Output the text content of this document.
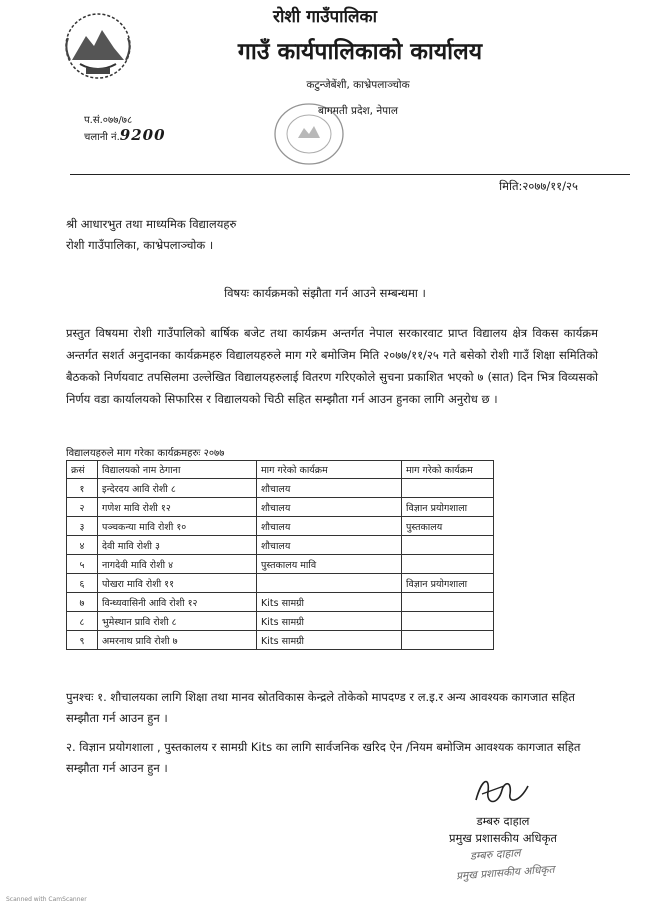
रोशी गाउँपालिका
गाउँ कार्यपालिकाको कार्यालय
कटुन्जेबेंशी, काभ्रेपलाञ्चोक
बागमती प्रदेश, नेपाल
प.सं.०७७/७८
चलानी नं.9200
मिति:२०७७/११/२५
श्री आधारभुत तथा माध्यमिक विद्यालयहरु
रोशी गाउँपालिका, काभ्रेपलाञ्चोक ।
विषयः कार्यक्रमको संझौता गर्न आउने सम्बन्धमा ।
प्रस्तुत विषयमा रोशी गाउँपालिको बार्षिक बजेट तथा कार्यक्रम अन्तर्गत नेपाल सरकारवाट प्राप्त विद्यालय क्षेत्र विकस कार्यक्रम अन्तर्गत सशर्त अनुदानका कार्यक्रमहरु विद्यालयहरुले माग गरे बमोजिम मिति २०७७/११/२५ गते बसेको रोशी गाउँ शिक्षा समितिको बैठकको निर्णयवाट तपसिलमा उल्लेखित विद्यालयहरुलाई वितरण गरिएकोले सुचना प्रकाशित भएको ७ (सात) दिन भित्र विव्यसको निर्णय वडा कार्यालयको सिफारिस र विद्यालयको चिठी सहित सम्झौता गर्न आउन हुनका लागि अनुरोध छ ।
विद्यालयहरुले माग गरेका कार्यक्रमहरुः २०७७
क्रसं	विद्यालयको नाम ठेगाना	माग गरेको कार्यक्रम	माग गरेको कार्यक्रम
१	इन्देरदय आवि रोशी ८	शौचालय	
२	गणेश मावि रोशी १२	शौचालय	विज्ञान प्रयोगशाला
३	पञ्चकन्या मावि रोशी १०	शौचालय	पुस्तकालय
४	देवी मावि रोशी ३	शौचालय	
५	नागदेवी मावि रोशी ४	पुस्तकालय मावि	
६	पोखरा मावि रोशी ११		विज्ञान प्रयोगशाला
७	विन्ध्यवासिनी आवि रोशी १२	Kits सामग्री	
८	भुमेस्थान प्रावि रोशी ८	Kits सामग्री	
९	अमरनाथ प्रावि रोशी ७	Kits सामग्री	
पुनश्चः १. शौचालयका लागि शिक्षा तथा मानव स्रोतविकास केन्द्रले तोकेको मापदण्ड र ल.इ.र अन्य आवश्यक कागजात सहित सम्झौता गर्न आउन हुन ।
२. विज्ञान प्रयोगशाला , पुस्तकालय र सामग्री Kits का लागि सार्वजनिक खरिद ऐन /नियम बमोजिम आवश्यक कागजात सहित सम्झौता गर्न आउन हुन ।
डम्बरु दाहाल
प्रमुख प्रशासकीय अधिकृत
डम्बरु दाहाल
प्रमुख प्रशासकीय अधिकृत
Scanned with CamScanner
